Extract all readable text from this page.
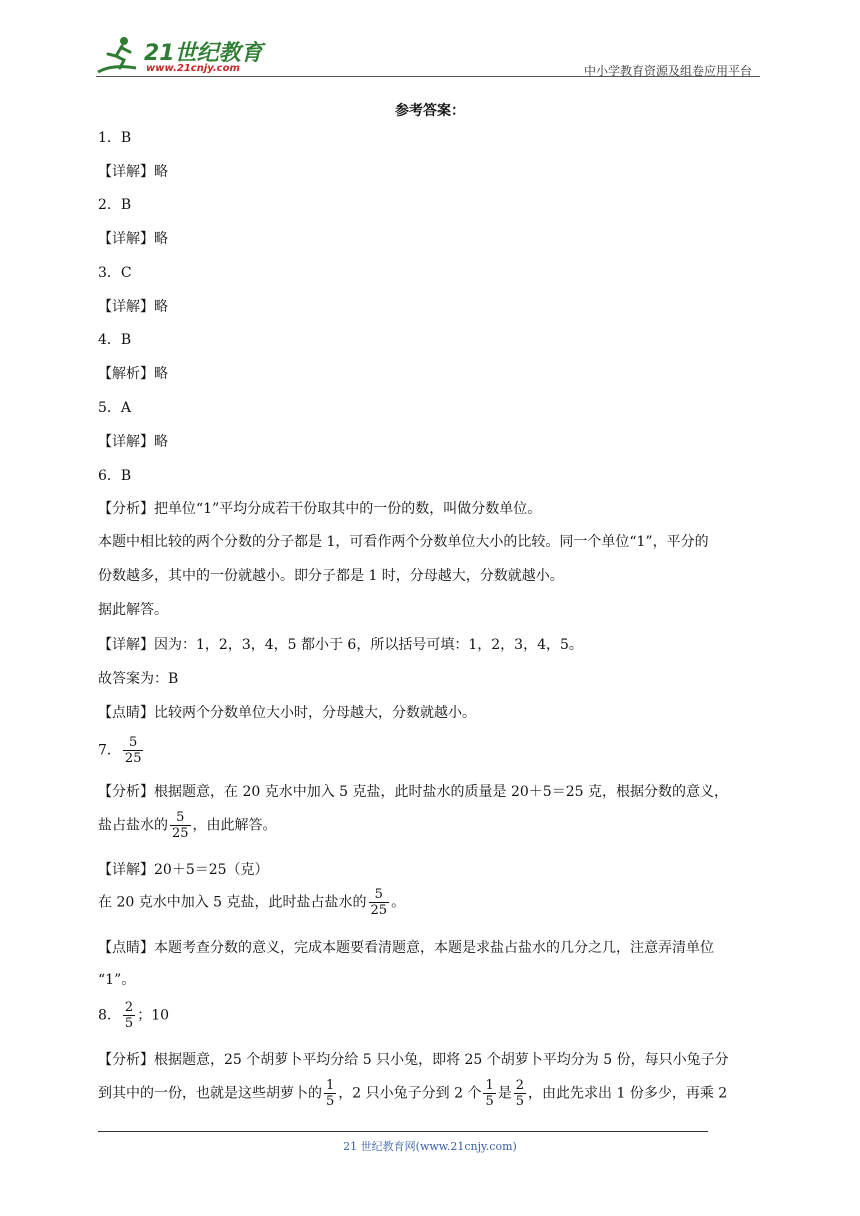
21世纪教育
www.21cnjy.com	中小学教育资源及组卷应用平台
参考答案：
1．B
【详解】略
2．B
【详解】略
3．C
【详解】略
4．B
【解析】略
5．A
【详解】略
6．B
【分析】把单位“1”平均分成若干份取其中的一份的数，叫做分数单位。
本题中相比较的两个分数的分子都是 1，可看作两个分数单位大小的比较。同一个单位“1”，平分的
份数越多，其中的一份就越小。即分子都是 1 时，分母越大，分数就越小。
据此解答。
【详解】因为：1，2，3，4，5 都小于 6，所以括号可填：1，2，3，4，5。
故答案为：B
【点睛】比较两个分数单位大小时，分母越大，分数就越小。
7． $\frac{5}{25}$
【分析】根据题意，在 20 克水中加入 5 克盐，此时盐水的质量是 20＋5＝25 克，根据分数的意义，
盐占盐水的 $\frac{5}{25}$ ，由此解答。
【详解】20＋5＝25（克）
在 20 克水中加入 5 克盐，此时盐占盐水的 $\frac{5}{25}$ 。
【点睛】本题考查分数的意义，完成本题要看清题意，本题是求盐占盐水的几分之几，注意弄清单位
“1”。
8． $\frac{2}{5}$ ；10
【分析】根据题意，25 个胡萝卜平均分给 5 只小兔，即将 25 个胡萝卜平均分为 5 份，每只小兔子分
到其中的一份，也就是这些胡萝卜的 $\frac{1}{5}$ ，2 只小兔子分到 2 个 $\frac{1}{5}$ 是 $\frac{2}{5}$ ，由此先求出 1 份多少，再乘 2
21 世纪教育网(www.21cnjy.com)
